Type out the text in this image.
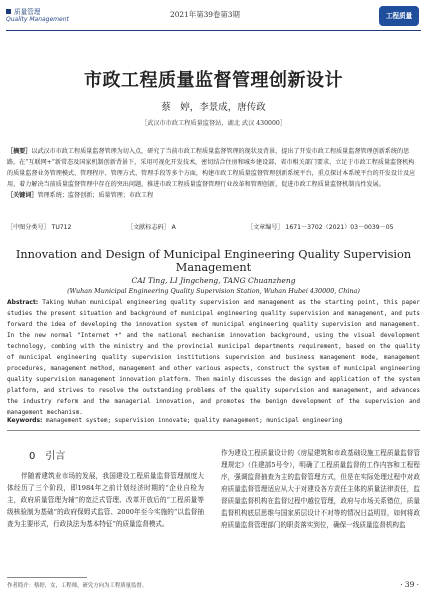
质量管理
Quality Management
2021年第39卷第3期	工程质量
市政工程质量监督管理创新设计
蔡　婷，李景成，唐传政
［武汉市市政工程质量监督站，湖北 武汉 430000］
［摘要］以武汉市市政工程质量监督管理为切入点，研究了当前市政工程质量监督管理的现状及背景，提出了开发市政工程质量监督管理创新系统的思路。在“互联网+”新常态及国家机制创新背景下，采用可视化开发技术，密切结合住房和城乡建设部、省市相关部门要求，立足于市政工程质量监督机构的质量监督业务管理模式、管理程序、管理方式、管理手段等多个方面，构建市政工程质量监督管理创新系统平台，重点探讨本系统平台的开发设计及应用，着力解决当前质量监督管理中存在的突出问题，推进市政工程质量监督管理行业改革和管理创新，促进市政工程质量监督机制良性发展。
［关键词］管理系统；监督创新；质量管理；市政工程
［中图分类号］ TU712	［文献标志码］ A	［文章编号］ 1671－3702（2021）03－0039－05
Innovation and Design of Municipal Engineering Quality Supervision Management
CAI Ting, LI Jingcheng, TANG Chuanzheng
(Wuhan Municipal Engineering Quality Supervision Station, Wuhan Hubei 430000, China)
Abstract: Taking Wuhan municipal engineering quality supervision and management as the starting point, this paper studies the present situation and background of municipal engineering quality supervision and management, and puts forward the idea of developing the innovation system of municipal engineering quality supervision and management. In the new normal "Internet +" and the national mechanism innovation background, using the visual development technology, combing with the ministry and the provincial municipal departments requirement, based on the quality of municipal engineering quality supervision institutions supervision and business management mode, management procedures, management method, management and other various aspects, construct the system of municipal engineering quality supervision management innovation platform. Then mainly discusses the design and application of the system platform, and strives to resolve the outstanding problems of the quality supervision and management, and advances the industry reform and the managerial innovation, and promotes the benign development of the supervision and management mechanism.
Keywords: management system; supervision innovate; quality management; municipal engineering
0　引言

伴随着建筑业市场的发展，我国建设工程质量监督管理制度大体经历了三个阶段，即1984年之前计划经济时期的“企业自检为主，政府质量管理为辅”的宽泛式管理、改革开放后的“工程质量等级核验制为基础”的政府保姆式监管、2000年至今实施的“以监督抽查为主要形式，行政执法为基本特征”的质量监督模式。

作为建设工程质量设计的《房屋建筑和市政基础设施工程质量监督管理规定》（住建部5号令），明确了工程质量监督的工作内容和工程程序，强调监督抽查为主的监督管理方式，但是在实际处理过程中对政府质量监督管理适应从大于对建设各方责任主体的质量法律责任，监督质量监督机构在监督过程中越位管理，政府与市场关系错位，质量监督机构底层思维与国家质层设计不对等的情况日益明显，如何将政府质量监督管理部门的职责落实到位，确保一线质量监督机构监

作者简介：蔡婷，女，工程师，研究方向为工程质量监督。	· 39 ·
